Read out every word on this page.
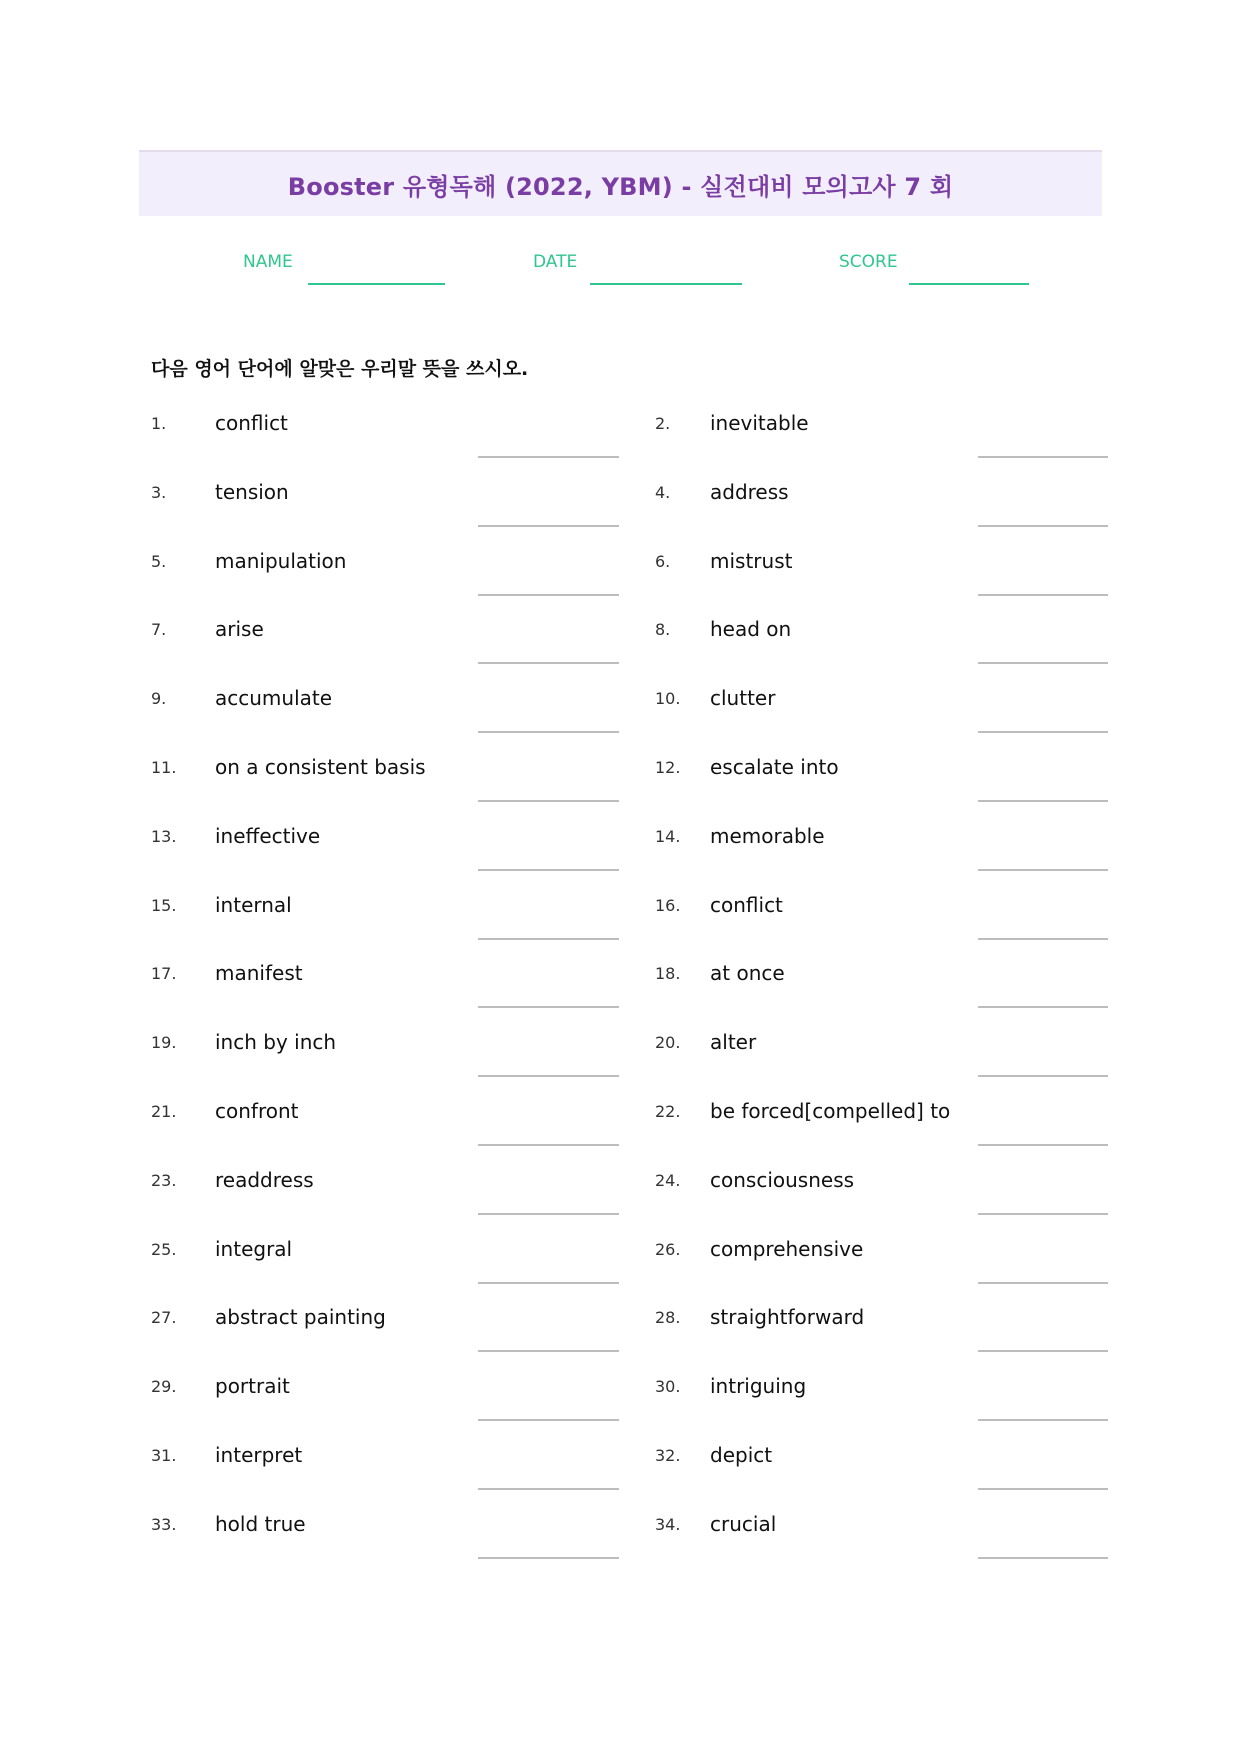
Booster 유형독해 (2022, YBM) - 실전대비 모의고사 7 회
NAME	DATE	SCORE
다음 영어 단어에 알맞은 우리말 뜻을 쓰시오.
1. conflict	2. inevitable
3. tension	4. address
5. manipulation	6. mistrust
7. arise	8. head on
9. accumulate	10. clutter
11. on a consistent basis	12. escalate into
13. ineffective	14. memorable
15. internal	16. conflict
17. manifest	18. at once
19. inch by inch	20. alter
21. confront	22. be forced[compelled] to
23. readdress	24. consciousness
25. integral	26. comprehensive
27. abstract painting	28. straightforward
29. portrait	30. intriguing
31. interpret	32. depict
33. hold true	34. crucial
